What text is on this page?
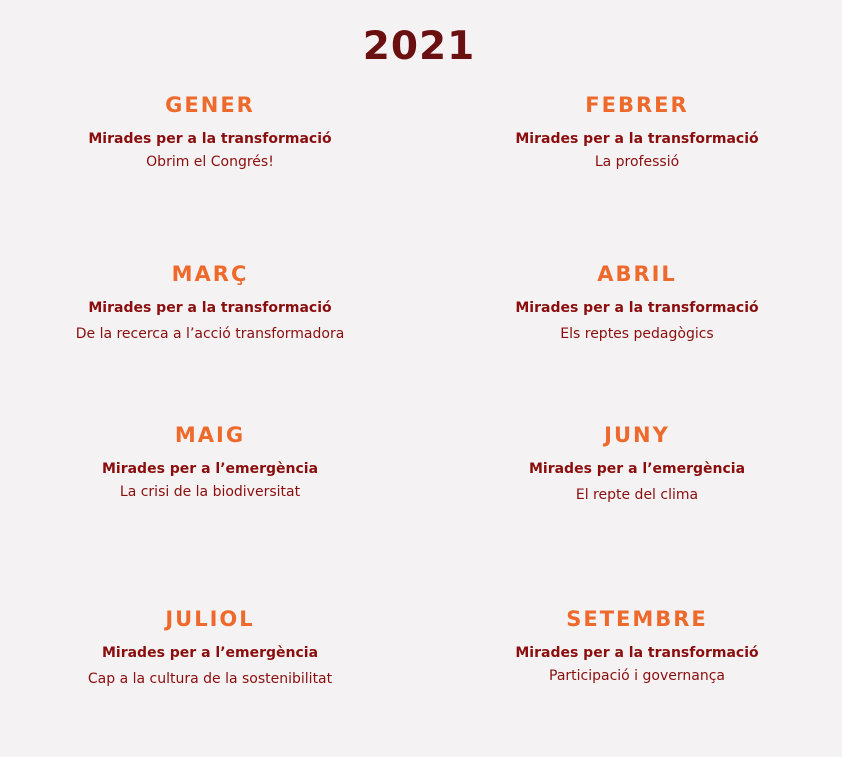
2021
GENER
Mirades per a la transformació
Obrim el Congrés!
FEBRER
Mirades per a la transformació
La professió
MARÇ
Mirades per a la transformació
De la recerca a l’acció transformadora
ABRIL
Mirades per a la transformació
Els reptes pedagògics
MAIG
Mirades per a l’emergència
La crisi de la biodiversitat
JUNY
Mirades per a l’emergència
El repte del clima
JULIOL
Mirades per a l’emergència
Cap a la cultura de la sostenibilitat
SETEMBRE
Mirades per a la transformació
Participació i governança
